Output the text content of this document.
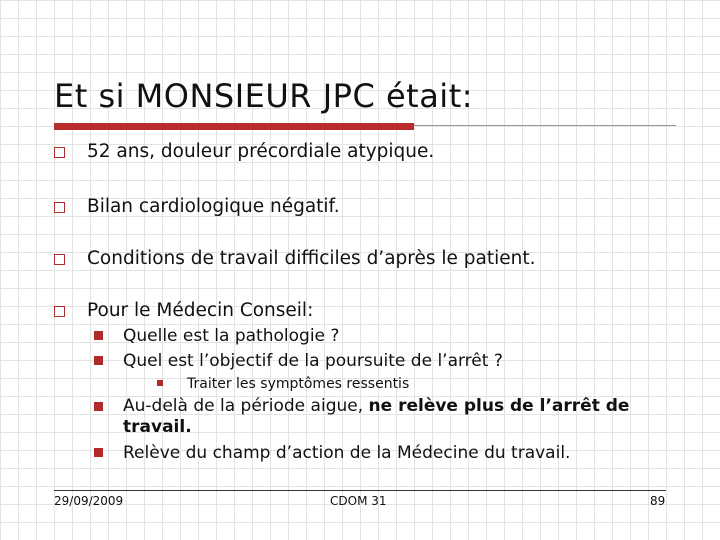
Et si MONSIEUR JPC était:
52 ans, douleur précordiale atypique.
Bilan cardiologique négatif.
Conditions de travail difficiles d’après le patient.
Pour le Médecin Conseil:
Quelle est la pathologie ?
Quel est l’objectif de la poursuite de l’arrêt ?
Traiter les symptômes ressentis
Au-delà de la période aigue, ne relève plus de l’arrêt de travail.
Relève du champ d’action de la Médecine du travail.
29/09/2009	CDOM 31	89
